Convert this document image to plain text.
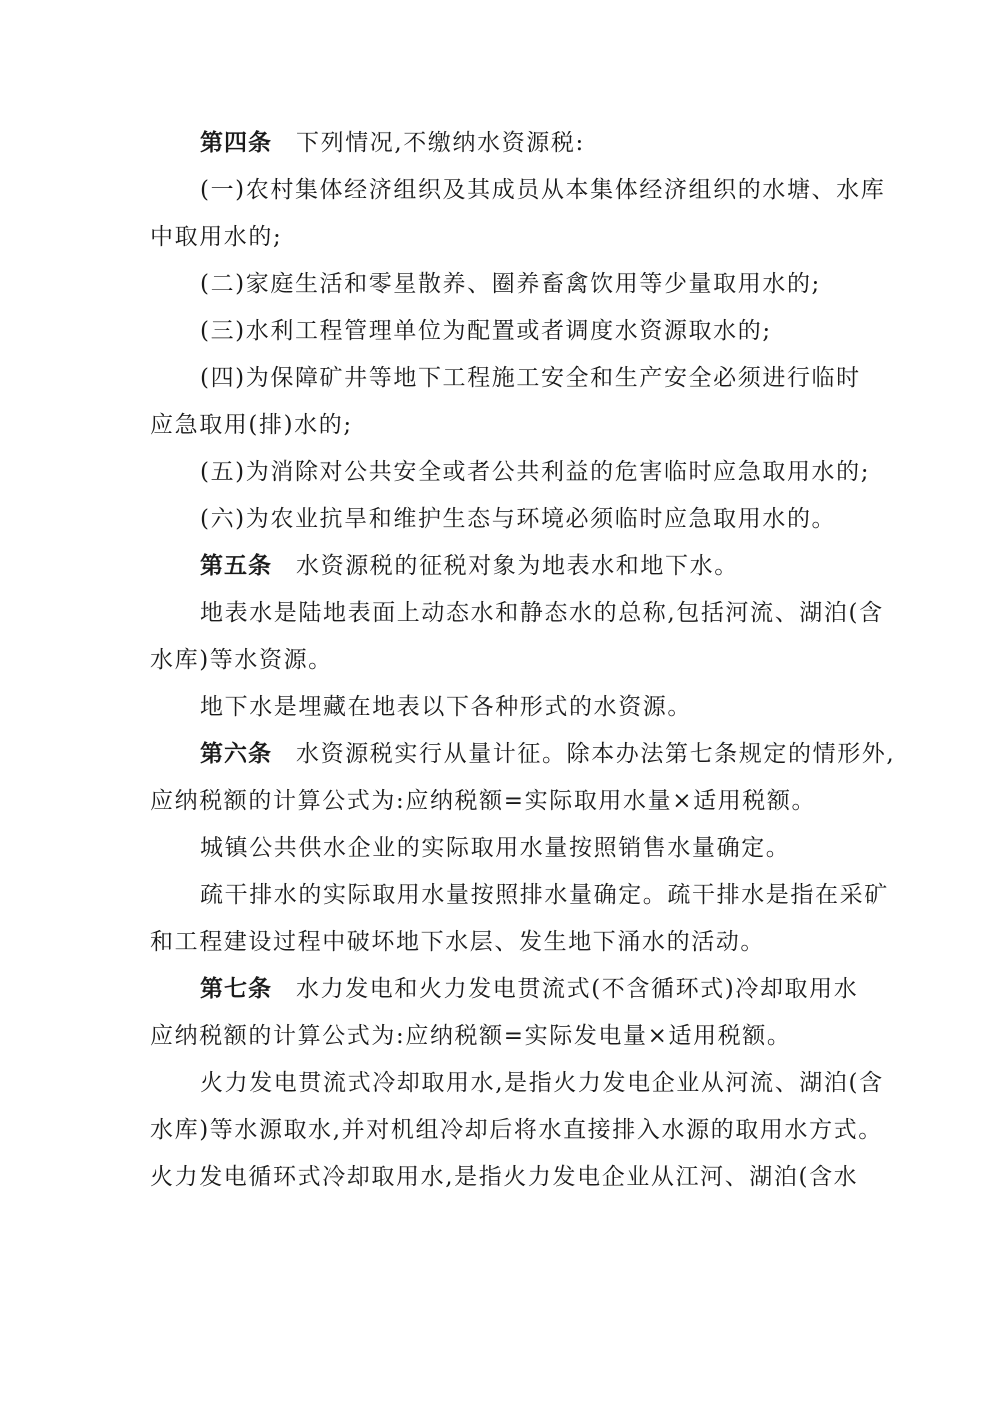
第四条 下列情况,不缴纳水资源税:
(一)农村集体经济组织及其成员从本集体经济组织的水塘、水库
中取用水的;
(二)家庭生活和零星散养、圈养畜禽饮用等少量取用水的;
(三)水利工程管理单位为配置或者调度水资源取水的;
(四)为保障矿井等地下工程施工安全和生产安全必须进行临时
应急取用(排)水的;
(五)为消除对公共安全或者公共利益的危害临时应急取用水的;
(六)为农业抗旱和维护生态与环境必须临时应急取用水的。
第五条 水资源税的征税对象为地表水和地下水。
地表水是陆地表面上动态水和静态水的总称,包括河流、湖泊(含
水库)等水资源。
地下水是埋藏在地表以下各种形式的水资源。
第六条 水资源税实行从量计征。除本办法第七条规定的情形外,
应纳税额的计算公式为:应纳税额=实际取用水量×适用税额。
城镇公共供水企业的实际取用水量按照销售水量确定。
疏干排水的实际取用水量按照排水量确定。疏干排水是指在采矿
和工程建设过程中破坏地下水层、发生地下涌水的活动。
第七条 水力发电和火力发电贯流式(不含循环式)冷却取用水
应纳税额的计算公式为:应纳税额=实际发电量×适用税额。
火力发电贯流式冷却取用水,是指火力发电企业从河流、湖泊(含
水库)等水源取水,并对机组冷却后将水直接排入水源的取用水方式。
火力发电循环式冷却取用水,是指火力发电企业从江河、湖泊(含水
